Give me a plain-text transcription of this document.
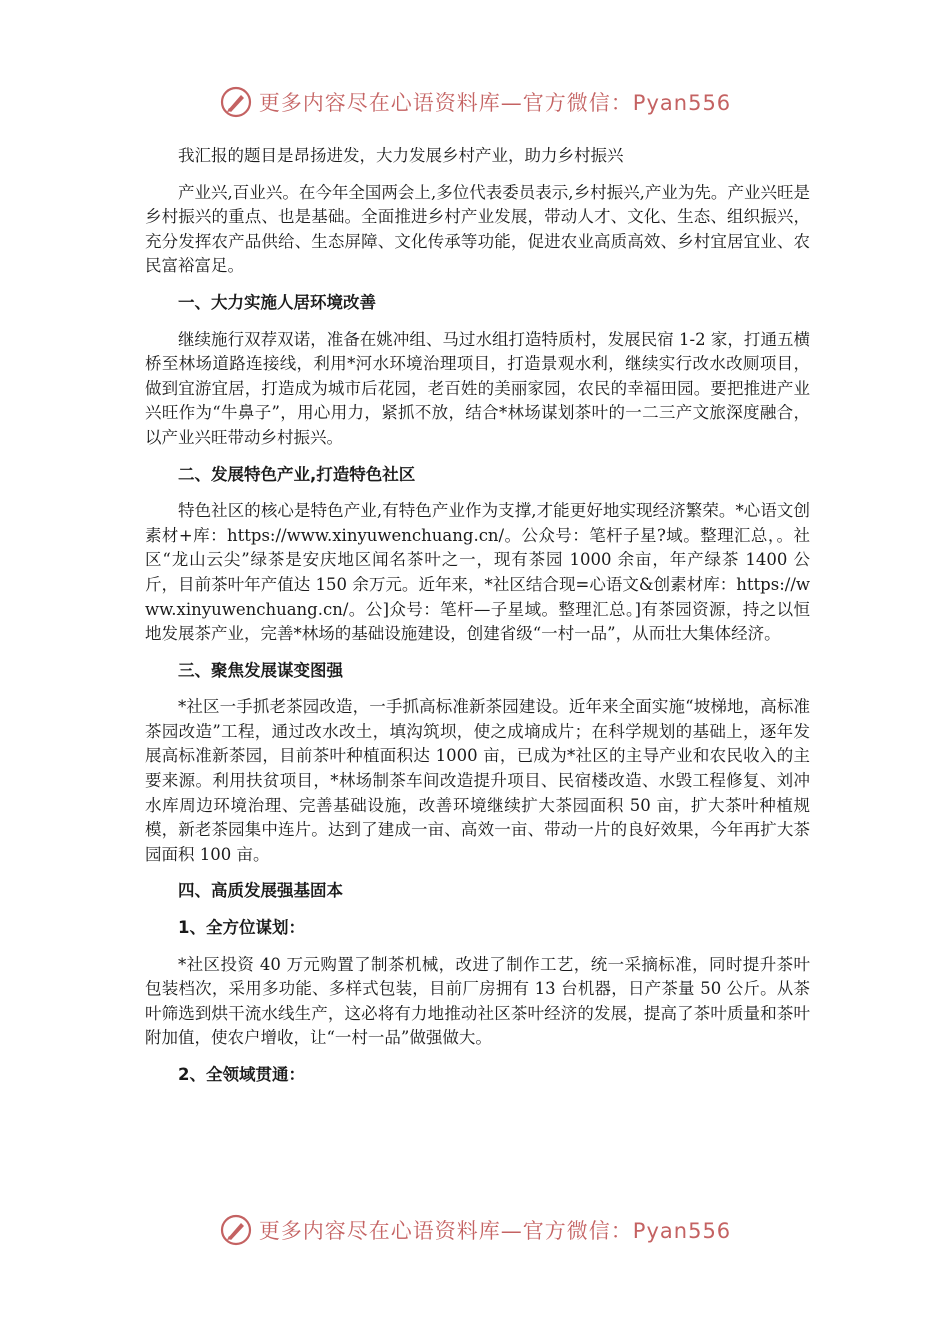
更多内容尽在心语资料库—官方微信：Pyan556

我汇报的题目是昂扬进发，大力发展乡村产业，助力乡村振兴

产业兴,百业兴。在今年全国两会上,多位代表委员表示,乡村振兴,产业为先。产业兴旺是乡村振兴的重点、也是基础。全面推进乡村产业发展，带动人才、文化、生态、组织振兴，充分发挥农产品供给、生态屏障、文化传承等功能，促进农业高质高效、乡村宜居宜业、农民富裕富足。

一、大力实施人居环境改善

继续施行双荐双诺，准备在姚冲组、马过水组打造特质村，发展民宿 1-2 家，打通五横桥至林场道路连接线，利用*河水环境治理项目，打造景观水利，继续实行改水改厕项目，做到宜游宜居，打造成为城市后花园，老百姓的美丽家园，农民的幸福田园。要把推进产业兴旺作为“牛鼻子”，用心用力，紧抓不放，结合*林场谋划茶叶的一二三产文旅深度融合，以产业兴旺带动乡村振兴。

二、发展特色产业,打造特色社区

特色社区的核心是特色产业,有特色产业作为支撑,才能更好地实现经济繁荣。*心语文创素材+库：https://www.xinyuwenchuang.cn/。公众号：笔杆子星?域。整理汇总，。社区“龙山云尖”绿茶是安庆地区闻名茶叶之一，现有茶园 1000 余亩，年产绿茶 1400 公斤，目前茶叶年产值达 150 余万元。近年来，*社区结合现=心语文&创素材库：https://www.xinyuwenchuang.cn/。公]众号：笔杆—子星域。整理汇总。]有茶园资源，持之以恒地发展茶产业，完善*林场的基础设施建设，创建省级“一村一品”，从而壮大集体经济。

三、聚焦发展谋变图强

*社区一手抓老茶园改造，一手抓高标准新茶园建设。近年来全面实施“坡梯地，高标准茶园改造”工程，通过改水改土，填沟筑坝，使之成墒成片；在科学规划的基础上，逐年发展高标准新茶园，目前茶叶种植面积达 1000 亩，已成为*社区的主导产业和农民收入的主要来源。利用扶贫项目，*林场制茶车间改造提升项目、民宿楼改造、水毁工程修复、刘冲水库周边环境治理、完善基础设施，改善环境继续扩大茶园面积 50 亩，扩大茶叶种植规模，新老茶园集中连片。达到了建成一亩、高效一亩、带动一片的良好效果，今年再扩大茶园面积 100 亩。

四、高质发展强基固本

1、全方位谋划：

*社区投资 40 万元购置了制茶机械，改进了制作工艺，统一采摘标准，同时提升茶叶包装档次，采用多功能、多样式包装，目前厂房拥有 13 台机器，日产茶量 50 公斤。从茶叶筛选到烘干流水线生产，这必将有力地推动社区茶叶经济的发展，提高了茶叶质量和茶叶附加值，使农户增收，让“一村一品”做强做大。

2、全领域贯通：

更多内容尽在心语资料库—官方微信：Pyan556
